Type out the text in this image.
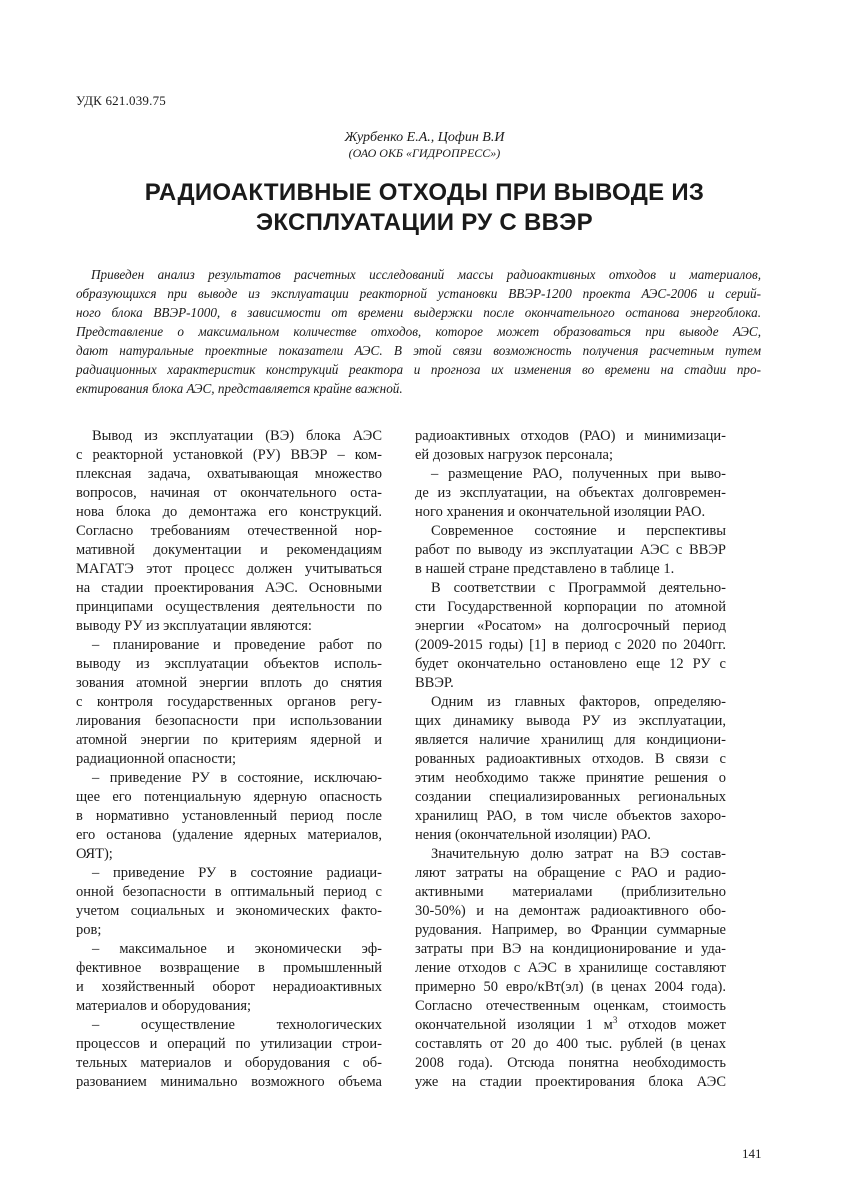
УДК 621.039.75
Журбенко Е.А., Цофин В.И
(ОАО ОКБ «ГИДРОПРЕСС»)
РАДИОАКТИВНЫЕ ОТХОДЫ ПРИ ВЫВОДЕ ИЗ
ЭКСПЛУАТАЦИИ РУ С ВВЭР
Приведен анализ результатов расчетных исследований массы радиоактивных отходов и материалов,
образующихся при выводе из эксплуатации реакторной установки ВВЭР-1200 проекта АЭС-2006 и серий-
ного блока ВВЭР-1000, в зависимости от времени выдержки после окончательного останова энергоблока.
Представление о максимальном количестве отходов, которое может образоваться при выводе АЭС,
дают натуральные проектные показатели АЭС. В этой связи возможность получения расчетным путем
радиационных характеристик конструкций реактора и прогноза их изменения во времени на стадии про-
ектирования блока АЭС, представляется крайне важной.
Вывод из эксплуатации (ВЭ) блока АЭС
с реакторной установкой (РУ) ВВЭР – ком-
плексная задача, охватывающая множество
вопросов, начиная от окончательного оста-
нова блока до демонтажа его конструкций.
Согласно требованиям отечественной нор-
мативной документации и рекомендациям
МАГАТЭ этот процесс должен учитываться
на стадии проектирования АЭС. Основными
принципами осуществления деятельности по
выводу РУ из эксплуатации являются:
– планирование и проведение работ по
выводу из эксплуатации объектов исполь-
зования атомной энергии вплоть до снятия
с контроля государственных органов регу-
лирования безопасности при использовании
атомной энергии по критериям ядерной и
радиационной опасности;
– приведение РУ в состояние, исключаю-
щее его потенциальную ядерную опасность
в нормативно установленный период после
его останова (удаление ядерных материалов,
ОЯТ);
– приведение РУ в состояние радиаци-
онной безопасности в оптимальный период с
учетом социальных и экономических факто-
ров;
– максимальное и экономически эф-
фективное возвращение в промышленный
и хозяйственный оборот нерадиоактивных
материалов и оборудования;
– осуществление технологических
процессов и операций по утилизации строи-
тельных материалов и оборудования с об-
разованием минимально возможного объема
радиоактивных отходов (РАО) и минимизаци-
ей дозовых нагрузок персонала;
– размещение РАО, полученных при выво-
де из эксплуатации, на объектах долговремен-
ного хранения и окончательной изоляции РАО.
Современное состояние и перспективы
работ по выводу из эксплуатации АЭС с ВВЭР
в нашей стране представлено в таблице 1.
В соответствии с Программой деятельно-
сти Государственной корпорации по атомной
энергии «Росатом» на долгосрочный период
(2009-2015 годы) [1] в период с 2020 по 2040гг.
будет окончательно остановлено еще 12 РУ с
ВВЭР.
Одним из главных факторов, определяю-
щих динамику вывода РУ из эксплуатации,
является наличие хранилищ для кондициони-
рованных радиоактивных отходов. В связи с
этим необходимо также принятие решения о
создании специализированных региональных
хранилищ РАО, в том числе объектов захоро-
нения (окончательной изоляции) РАО.
Значительную долю затрат на ВЭ состав-
ляют затраты на обращение с РАО и радио-
активными материалами (приблизительно
30-50%) и на демонтаж радиоактивного обо-
рудования. Например, во Франции суммарные
затраты при ВЭ на кондиционирование и уда-
ление отходов с АЭС в хранилище составляют
примерно 50 евро/кВт(эл) (в ценах 2004 года).
Согласно отечественным оценкам, стоимость
окончательной изоляции 1 $м^3$ отходов может
составлять от 20 до 400 тыс. рублей (в ценах
2008 года). Отсюда понятна необходимость
уже на стадии проектирования блока АЭС
141
